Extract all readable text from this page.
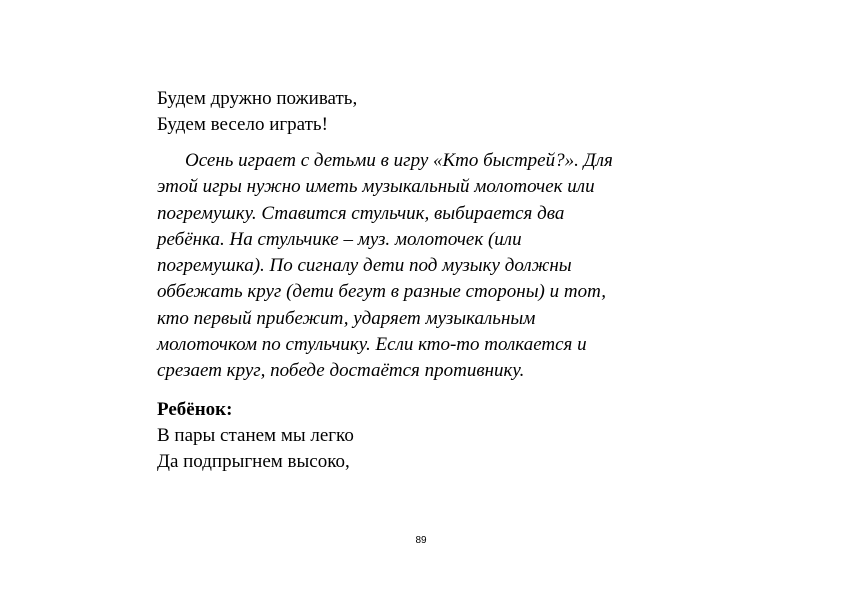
Будем дружно поживать,

Будем весело играть!

Осень играет с детьми в игру «Кто быстрей?». Для
этой игры нужно иметь музыкальный молоточек или
погремушку. Ставится стульчик, выбирается два
ребёнка. На стульчике – муз. молоточек (или
погремушка). По сигналу дети под музыку должны
оббежать круг (дети бегут в разные стороны) и тот,
кто первый прибежит, ударяет музыкальным
молоточком по стульчику. Если кто-то толкается и
срезает круг, победе достаётся противнику.

Ребёнок:

В пары станем мы легко

Да подпрыгнем высоко,

89
